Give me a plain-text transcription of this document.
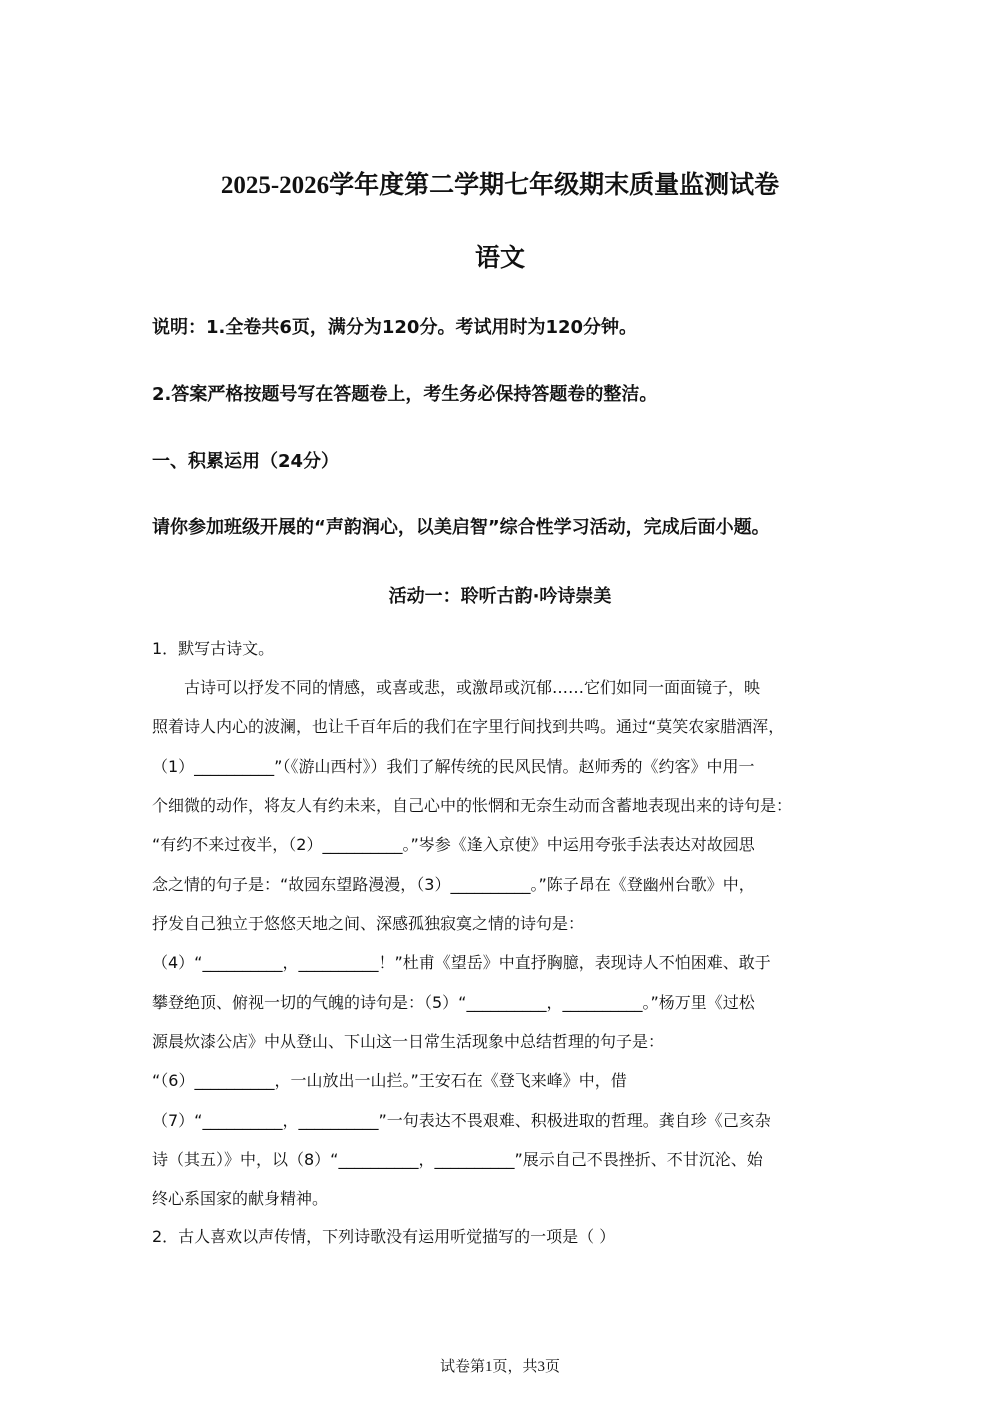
2025-2026学年度第二学期七年级期末质量监测试卷
语文
说明：1.全卷共6页，满分为120分。考试用时为120分钟。
2.答案严格按题号写在答题卷上，考生务必保持答题卷的整洁。
一、积累运用（24分）
请你参加班级开展的“声韵润心，以美启智”综合性学习活动，完成后面小题。
活动一：聆听古韵·吟诗崇美
1．默写古诗文。
　　古诗可以抒发不同的情感，或喜或悲，或激昂或沉郁……它们如同一面面镜子，映
照着诗人内心的波澜，也让千百年后的我们在字里行间找到共鸣。通过“莫笑农家腊酒浑，
（1）__________”（《游山西村》）我们了解传统的民风民情。赵师秀的《约客》中用一
个细微的动作，将友人有约未来，自己心中的怅惘和无奈生动而含蓄地表现出来的诗句是：
“有约不来过夜半，（2）__________。”岑参《逢入京使》中运用夸张手法表达对故园思
念之情的句子是：“故园东望路漫漫，（3）__________。”陈子昂在《登幽州台歌》中，
抒发自己独立于悠悠天地之间、深感孤独寂寞之情的诗句是：
（4）“__________，__________！”杜甫《望岳》中直抒胸臆，表现诗人不怕困难、敢于
攀登绝顶、俯视一切的气魄的诗句是：（5）“__________，__________。”杨万里《过松
源晨炊漆公店》中从登山、下山这一日常生活现象中总结哲理的句子是：
“（6）__________，一山放出一山拦。”王安石在《登飞来峰》中，借
（7）“__________，__________”一句表达不畏艰难、积极进取的哲理。龚自珍《己亥杂
诗（其五）》中，以（8）“__________，__________”展示自己不畏挫折、不甘沉沦、始
终心系国家的献身精神。
2．古人喜欢以声传情，下列诗歌没有运用听觉描写的一项是（ ）
试卷第1页，共3页
